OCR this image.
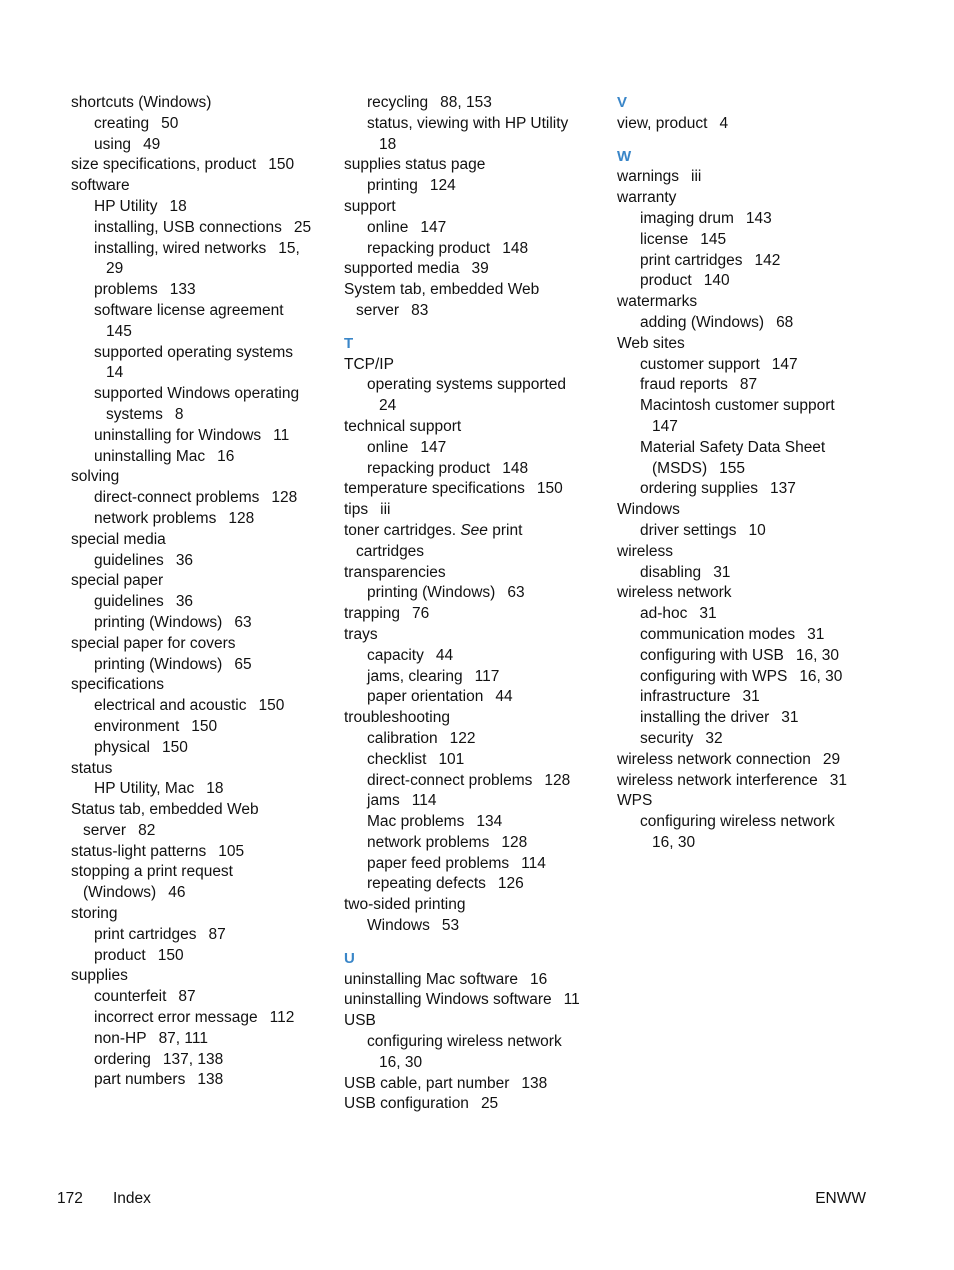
shortcuts (Windows)
creating 50
using 49
size specifications, product 150
software
HP Utility 18
installing, USB connections 25
installing, wired networks 15,
29
problems 133
software license agreement
145
supported operating systems
14
supported Windows operating
systems 8
uninstalling for Windows 11
uninstalling Mac 16
solving
direct-connect problems 128
network problems 128
special media
guidelines 36
special paper
guidelines 36
printing (Windows) 63
special paper for covers
printing (Windows) 65
specifications
electrical and acoustic 150
environment 150
physical 150
status
HP Utility, Mac 18
Status tab, embedded Web
server 82
status-light patterns 105
stopping a print request
(Windows) 46
storing
print cartridges 87
product 150
supplies
counterfeit 87
incorrect error message 112
non-HP 87, 111
ordering 137, 138
part numbers 138
recycling 88, 153
status, viewing with HP Utility
18
supplies status page
printing 124
support
online 147
repacking product 148
supported media 39
System tab, embedded Web
server 83
T
TCP/IP
operating systems supported
24
technical support
online 147
repacking product 148
temperature specifications 150
tips iii
toner cartridges. See print
cartridges
transparencies
printing (Windows) 63
trapping 76
trays
capacity 44
jams, clearing 117
paper orientation 44
troubleshooting
calibration 122
checklist 101
direct-connect problems 128
jams 114
Mac problems 134
network problems 128
paper feed problems 114
repeating defects 126
two-sided printing
Windows 53
U
uninstalling Mac software 16
uninstalling Windows software 11
USB
configuring wireless network
16, 30
USB cable, part number 138
USB configuration 25
V
view, product 4
W
warnings iii
warranty
imaging drum 143
license 145
print cartridges 142
product 140
watermarks
adding (Windows) 68
Web sites
customer support 147
fraud reports 87
Macintosh customer support
147
Material Safety Data Sheet
(MSDS) 155
ordering supplies 137
Windows
driver settings 10
wireless
disabling 31
wireless network
ad-hoc 31
communication modes 31
configuring with USB 16, 30
configuring with WPS 16, 30
infrastructure 31
installing the driver 31
security 32
wireless network connection 29
wireless network interference 31
WPS
configuring wireless network
16, 30
172 Index	ENWW
